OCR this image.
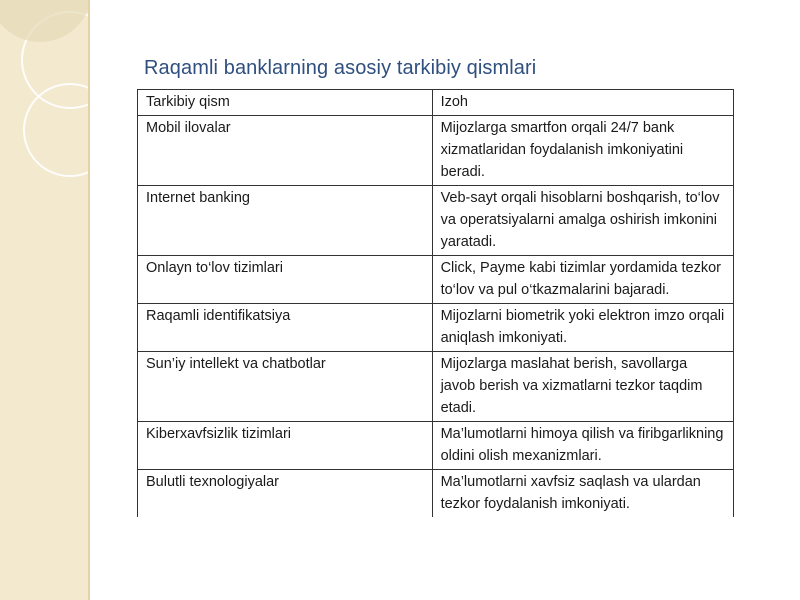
Raqamli banklarning asosiy tarkibiy qismlari
Tarkibiy qism	Izoh
Mobil ilovalar	Mijozlarga smartfon orqali 24/7 bank xizmatlaridan foydalanish imkoniyatini beradi.
Internet banking	Veb-sayt orqali hisoblarni boshqarish, to‘lov va operatsiyalarni amalga oshirish imkonini yaratadi.
Onlayn to‘lov tizimlari	Click, Payme kabi tizimlar yordamida tezkor to‘lov va pul o‘tkazmalarini bajaradi.
Raqamli identifikatsiya	Mijozlarni biometrik yoki elektron imzo orqali aniqlash imkoniyati.
Sun’iy intellekt va chatbotlar	Mijozlarga maslahat berish, savollarga javob berish va xizmatlarni tezkor taqdim etadi.
Kiberxavfsizlik tizimlari	Ma’lumotlarni himoya qilish va firibgarlikning oldini olish mexanizmlari.
Bulutli texnologiyalar	Ma’lumotlarni xavfsiz saqlash va ulardan tezkor foydalanish imkoniyati.
